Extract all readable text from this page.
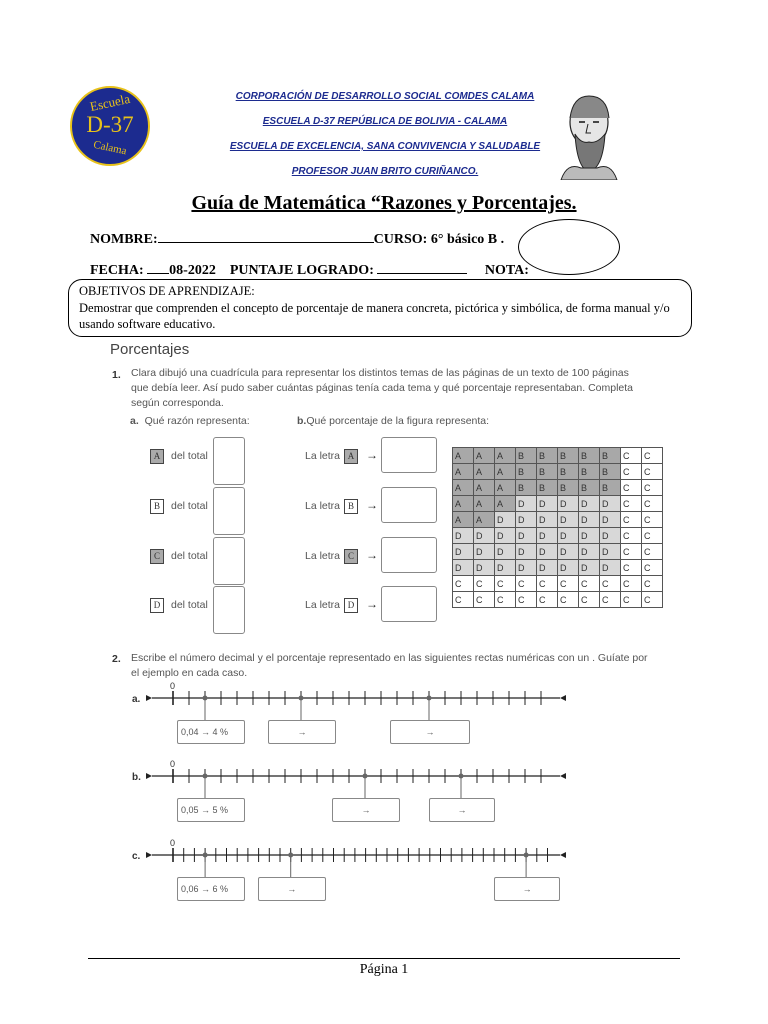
Escuela
D-37
Calama
CORPORACIÓN DE DESARROLLO SOCIAL COMDES CALAMA
ESCUELA D-37 REPÚBLICA DE BOLIVIA - CALAMA
ESCUELA DE EXCELENCIA, SANA CONVIVENCIA Y SALUDABLE
PROFESOR JUAN BRITO CURIÑANCO.
Guía de Matemática “Razones y Porcentajes.
NOMBRE:	CURSO: 6° básico B .
FECHA: 08-2022 PUNTAJE LOGRADO:	NOTA:
OBJETIVOS DE APRENDIZAJE:
Demostrar que comprenden el concepto de porcentaje de manera concreta, pictórica y simbólica, de forma manual y/o usando software educativo.
Porcentajes
1. Clara dibujó una cuadrícula para representar los distintos temas de las páginas de un texto de 100 páginas que debía leer. Así pudo saber cuántas páginas tenía cada tema y qué porcentaje representaban. Completa según corresponda.
a. Qué razón representa:	b.Qué porcentaje de la figura representa:
A	del total	La letra A →
B	del total	La letra B	→
C	del total	La letra C	→
D	del total	La letra D →
A	A	A	B	B	B	B	B	C	C
A	A	A	B	B	B	B	B	C	C
A	A	A	B	B	B	B	B	C	C
A	A	A	D	D	D	D	D	C	C
A	A	D	D	D	D	D	D	C	C
D	D	D	D	D	D	D	D	C	C
D	D	D	D	D	D	D	D	C	C
D	D	D	D	D	D	D	D	C	C
C	C	C	C	C	C	C	C	C	C
C	C	C	C	C	C	C	C	C	C
2. Escribe el número decimal y el porcentaje representado en las siguientes rectas numéricas con un . Guíate por el ejemplo en cada caso.
a.
0
b.
0
c.
0
0,04 → 4 %	→	→
0,05 → 5 %	→	→
0,06 → 6 %	→	→
Página 1
